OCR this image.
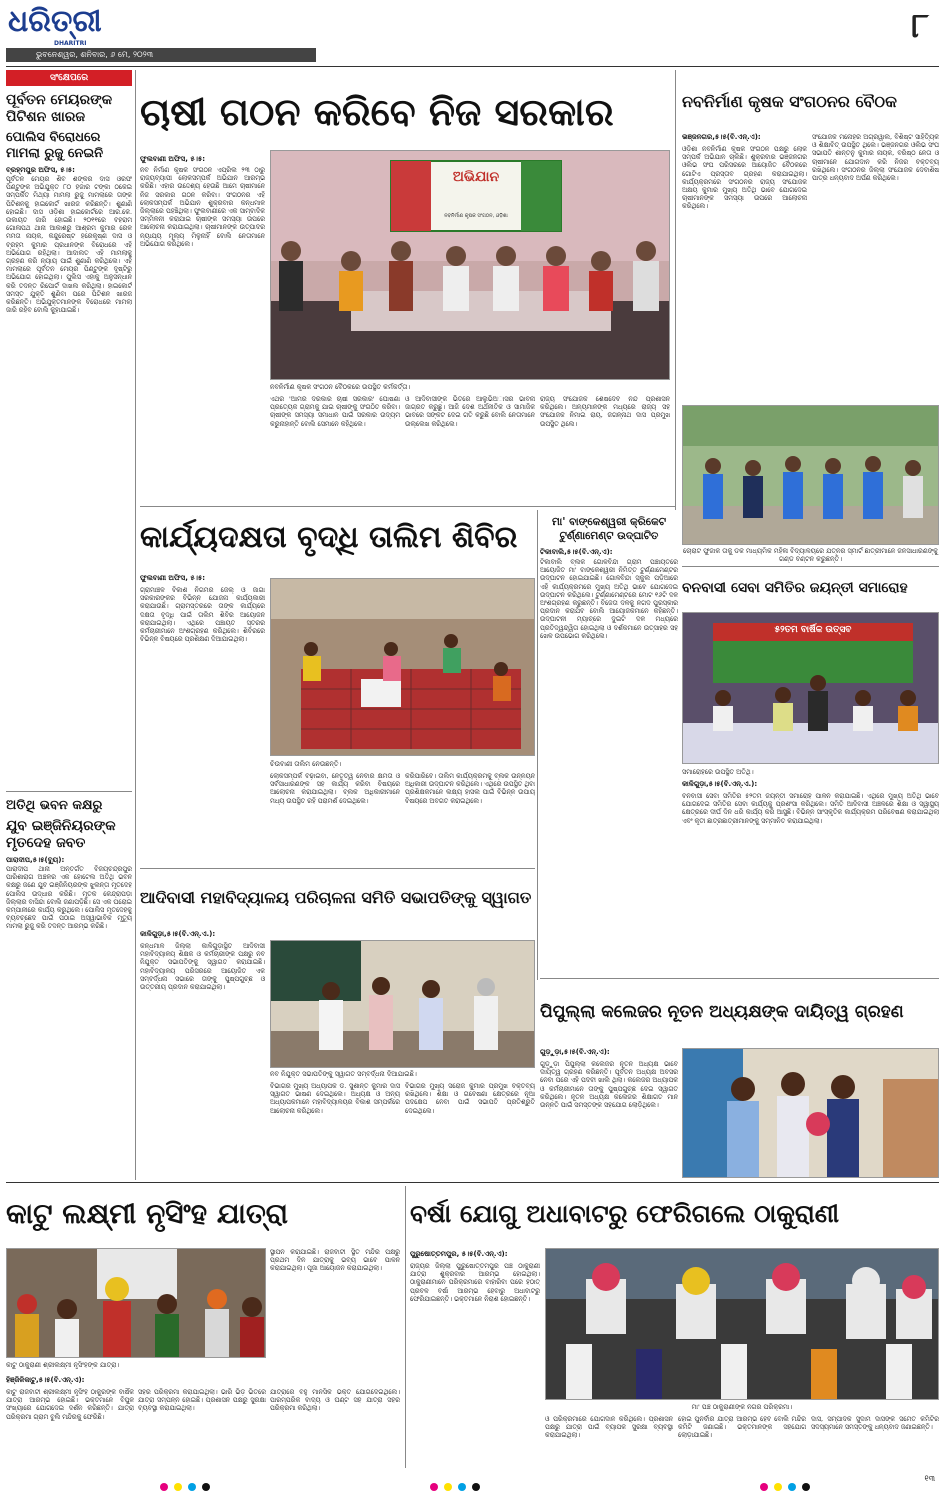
ଧରିତ୍ରୀ
DHARITRI
ଭୁବନେଶ୍ୱର, ଶନିବାର, ୬ ମେ, ୨୦୨୩
୮
ସଂକ୍ଷେପରେ
ପୂର୍ବତନ ମେୟରଙ୍କ ପିଟିଶନ ଖାରଜ
ପୋଲିସ ବିରୋଧରେ ମାମଲା ରୁଜୁ ନେଇନି
ବ୍ରହ୍ମପୁର ଅଫିସ, ୫।୫:
ପୂର୍ବତନ ମେୟର ଶିବ ଶଙ୍କର ଦାସ ଓରଫ ପିଣ୍ଟୁଙ୍କ ଅଭିଯୁକ୍ତ ୮୦ ହଜାର ଟଙ୍କା ଠକେଇ ସମ୍ପର୍କିତ ମିଥ୍ୟା ମାମଲା ରୁଜୁ ମାମଲାରେ ତାଙ୍କ ପିଟିଶନକୁ ହାଇକୋର୍ଟ ଖାରଜ କରିଛନ୍ତି। ଶୁଣାଣି ହୋଇଛି। ଦାସ ଓଡ଼ିଶା ହାଇକୋର୍ଟରେ ଆର.କେ. ଉକାୟତ ଜାରି ହୋଇଛି। ୨୦୧୧ରେ ବହରାମ ଗୋଳାପଥ ଥାନା ଆକାଶରୁ ଆଶ୍ରମ କୁମାର ରେଳ ମମତା ନାୟକ, କନ୍ଦୁରେଷ୍ଟ ହରେକୃଷ୍ଣ ଦାସ ଓ ବ୍ରହ୍ମ କୁମାର ପ୍ରଧାନଙ୍କ ବିରୋଧରେ ଏହି ଅଭିଯୋଗ ରହିଥିଲା। ଆଦାଲତ ଏହି ମାମଲାକୁ ଗ୍ରହଣ କରି ନ୍ୟାୟ ପାଇଁ ଶୁଣାଣି କରିଥିଲେ। ଏହି ମାମଲାରେ ପୂର୍ବତନ ମେୟର ପିଣ୍ଟୁଙ୍କ ଦୃଷ୍ଟିରୁ ଅଭିଯୋଗ ହୋଇଥିଲା। ପୁଲିସ ଏହାକୁ ଅନୁସନ୍ଧାନ କରି ତଦନ୍ତ ରିପୋର୍ଟ ଦାଖଲ କରିଥିଲା। ହାଇକୋର୍ଟ ସମସ୍ତ ଯୁକ୍ତି ଶୁଣିବା ପରେ ପିଟିଶନ ଖାରଜ କରିଛନ୍ତି। ଅଭିଯୁକ୍ତମାନଙ୍କ ବିରୋଧରେ ମାମଲା ଜାରି ରହିବ ବୋଲି କୁହାଯାଇଛି।
ଅତିଥି ଭବନ କକ୍ଷରୁ
ଯୁବ ଇଞ୍ଜିନିୟରଙ୍କ ମୃତଦେହ ଜବତ
ପାରାଦୀପ,୫।୫(ବ୍ୟୁ):
ପାରାଦୀପ ଥାନା ଅନ୍ତର୍ଗତ ବିଜୟଚନ୍ଦ୍ରପୁର ପାରିଶାରାଗ ଅଞ୍ଚଳର ଏକ ହୋଟେଲ ଅତିଥି ଭବନ କକ୍ଷରୁ ଜଣେ ଯୁବ ଇଞ୍ଜିନିୟରଙ୍କ ଝୁଲନ୍ତା ମୃତଦେହ ପୋଲିସ ଉଦ୍ଧାର କରିଛି। ମୃତକ କେନ୍ଦ୍ରାପଡ଼ା ଜିଲ୍ଲାର ବାସିନ୍ଦା ବୋଲି ଜଣାପଡ଼ିଛି। ସେ ଏକ ଘରୋଇ କମ୍ପାନୀରେ କାର୍ଯ୍ୟ କରୁଥିଲେ। ପୋଲିସ ମୃତଦେହକୁ ବ୍ୟବଚ୍ଛେଦ ପାଇଁ ପଠାଇ ଅସ୍ୱାଭାବିକ ମୃତ୍ୟୁ ମାମଲା ରୁଜୁ କରି ତଦନ୍ତ ଆରମ୍ଭ କରିଛି।
ଚାଷୀ ଗଠନ କରିବେ ନିଜ ସରକାର
ଫୁଲବାଣୀ ଅଫିସ, ୫।୫:
ନବ ନିର୍ମାଣ କୃଷକ ସଂଗଠନ ଏପ୍ରିଲ ୨୩ ଠାରୁ ରାଜ୍ୟବ୍ୟାପୀ ଲୋକସମ୍ପର୍କ ଅଭିଯାନ ଆରମ୍ଭ କରିଛି। ଏହାର ଉଦ୍ଦେଶ୍ୟ ହେଉଛି ଆମେ ଚାଷୀମାନେ ନିଜ ସରକାର ଗଠନ କରିବା। ସଂଗଠନର ଏହି ଲୋକସମ୍ପର୍କ ଅଭିଯାନ ଶୁକ୍ରବାର କନ୍ଧମାଳ ଜିଲ୍ଲାରେ ପହଞ୍ଚିଥିଲା। ଫୁଲବାଣୀରେ ଏକ ସାମ୍ବାଦିକ ସମ୍ମିଳନୀ କରାଯାଇ ଚାଷୀଙ୍କ ସମସ୍ୟା ଉପରେ ଆଲୋଚନା କରାଯାଇଥିଲା। ଚାଷୀମାନଙ୍କ ଉତ୍ପାଦର ନ୍ୟାଯ୍ୟ ମୂଲ୍ୟ ମିଳୁନାହିଁ ବୋଲି ନେତାମାନେ ଅଭିଯୋଗ କରିଥିଲେ।
ଅଭିଯାନ
ନବନିର୍ମାଣ କୃଷକ ସଂଗଠନ, ଓଡ଼ିଶା
ନବନିର୍ମାଣ କୃଷକ ସଂଗଠନ ବୈଠକରେ ଉପସ୍ଥିତ କର୍ମକର୍ତ୍ତା।
ଏଥର 'ଆମର ଦରକାର ଚାଷୀ ସରକାର' ଘୋଷଣା ପ୍ରତ୍ୟେକ ଗ୍ରାମକୁ ଯାଇ ଚାଷୀଙ୍କୁ ସଂଗଠିତ କରିବା। ଚାଷୀଙ୍କ ସମସ୍ୟା ସମାଧାନ ପାଇଁ ସରକାର ଉଦ୍ୟମ କରୁନାହାନ୍ତି ବୋଲି ସେମାନେ କହିଥିଲେ।
ଓ ଆଦିବାସୀଙ୍କ ଭିତରେ ଆଲୁଭିଅାସର ଭାବନା ଜାଗ୍ରତ କରୁଛୁ। ଆଜି ଦେଶ ଅର୍ଥନୀତିକ ଓ ସାମାଜିକ ଭାବରେ ସଙ୍କଟ ଦେଇ ଗତି କରୁଛି ବୋଲି ନେତାମାନେ ଉଲ୍ଲେଖ କରିଥିଲେ।
ରାଜ୍ୟ ସଂଯୋଜକ ଶେଷଦେବ ନନ୍ଦ ପ୍ରଶାସନ କରିଥିଲେ। ଅନ୍ୟମାନଙ୍କ ମଧ୍ୟରେ ରାଜ୍ୟ ସହ ସଂଯୋଜକ ନିମାଇ ରାୟ, ଜଗନ୍ନାଥ ଦାସ ପ୍ରମୁଖ ଉପସ୍ଥିତ ଥିଲେ।
ନବନିର୍ମାଣ କୃଷକ ସଂଗଠନର ବୈଠକ
ଭଞ୍ଜନଗର,୫।୫(ବି.ଏନ୍.ଏ):
ଓଡ଼ିଶା ନବନିର୍ମାଣ କୃଷକ ସଂଗଠନ ପକ୍ଷରୁ ଲୋକ ସମ୍ପର୍କ ଅଭିଯାନ ଚାଲିଛି। ଶୁକ୍ରବାର ଭଞ୍ଜନଗର ଓଲିଭ ସଂଘ ପରିସରରେ ଆୟୋଜିତ ବୈଠକରେ ଗୋଟିଏ ପ୍ରସ୍ତାବ ଗ୍ରହଣ କରାଯାଇଥିଲା। କାର୍ଯ୍ୟକ୍ରମରେ ସଂଗଠନର ରାଜ୍ୟ ସଂଯୋଜକ ଅକ୍ଷୟ କୁମାର ମୁଖ୍ୟ ଅତିଥି ଭାବେ ଯୋଗଦେଇ ଚାଷୀମାନଙ୍କ ସମସ୍ୟା ଉପରେ ଆଲୋଚନା କରିଥିଲେ।
ସଂଯୋଜକ ମନୋହର ଅଗ୍ରୱାଲ, ବିଶିଷ୍ଟ ସାହିତ୍ୟିକ ଓ ଶିକ୍ଷାବିତ୍ ଉପସ୍ଥିତ ଥିଲେ। ଭଞ୍ଜନଗର ଓଲିଭ ସଂଘ ସଭାପତି ଶାନ୍ତନୁ କୁମାର ନାୟକ, ବରିଷ୍ଠ ନେତା ଓ ଚାଷୀମାନେ ଯୋଗଦାନ କରି ନିଜର ବକ୍ତବ୍ୟ ରଖିଥିଲେ। ସଂଗଠନର ଜିଲ୍ଲା ସଂଯୋଜକ ଦେବାଶିଷ ପାତ୍ର ଧନ୍ୟବାଦ ଅର୍ପଣ କରିଥିଲେ।
ଚୋରାଟ ଫୁଜାକ ତାକୁ ଡକ ମାଧ୍ୟମିକ ମହିଳା ବିଦ୍ୟାଳୟରେ ଯତ୍ନର ସ୍ମାର୍ଟ ଛାତ୍ରୀମାନେ ଜନସାଧାରଣଙ୍କୁ ଗଣ୍ଡ ବଣ୍ଟନ କରୁଛନ୍ତି।
ମା' ବାଙ୍କେଶ୍ୱରୀ କ୍ରିକେଟ ଟୁର୍ଣ୍ଣାମେଣ୍ଟ ଉଦ୍‌ଘାଟିତ
ଟିକାବାଲି,୫।୫(ବି.ଏନ୍.ଏ):
ଟିକାବାଲି ବ୍ଲକ ଗୋଳବିନ୍ଦା ଗ୍ରାମ ପଞ୍ଚାୟତରେ ଆୟୋଜିତ ମା' ବାଙ୍କେଶ୍ୱରୀ ନିମିତ୍ତ ଟୁର୍ଣ୍ଣାମେଣ୍ଟର ଉଦ୍‌ଘାଟନ ହୋଇଯାଇଛି। ଗୋଳବିନ୍ଦା ସ୍କୁଲ ପଡ଼ିଆରେ ଏହି କାର୍ଯ୍ୟକ୍ରମରେ ମୁଖ୍ୟ ଅତିଥି ଭାବେ ଯୋଗଦେଇ ଉଦ୍‌ଘାଟନ କରିଥିଲେ। ଟୁର୍ଣ୍ଣାମେଣ୍ଟରେ ମୋଟ ୧୬ଟି ଦଳ ଅଂଶଗ୍ରହଣ କରୁଛନ୍ତି। ବିଜେତା ଦଳକୁ ନଗଦ ପୁରସ୍କାର ପ୍ରଦାନ କରାଯିବ ବୋଲି ଆୟୋଜକମାନେ କହିଛନ୍ତି। ଉଦ୍‌ଘାଟନୀ ମ୍ୟାଚ୍‌ରେ ଦୁଇଟି ଦଳ ମଧ୍ୟରେ ପ୍ରତିଦ୍ୱନ୍ଦ୍ୱିତା ହୋଇଥିଲା ଓ ଦର୍ଶକମାନେ ଉତ୍ସାହର ସହ ଖେଳ ଉପଭୋଗ କରିଥିଲେ।
କାର୍ଯ୍ୟଦକ୍ଷତା ବୃଦ୍ଧି ତାଲିମ ଶିବିର
ଫୁଲବାଣୀ ଅଫିସ, ୫।୫:
ଗ୍ରାମାଞ୍ଚଳ ବିକାଶ ନିଗମର ଜେଲ୍ ଓ ଜାଗା ସରକାରଙ୍କର ବିଭିନ୍ନ ଯୋଜନା କାର୍ଯ୍ୟକାରୀ କରାଯାଉଛି। ଗ୍ରାମସ୍ତରରେ ତାଙ୍କ କାର୍ଯ୍ୟରେ ଦକ୍ଷତା ବୃଦ୍ଧି ପାଇଁ ତାଲିମ ଶିବିର ଆୟୋଜନ କରାଯାଇଥିଲା। ଏଥିରେ ପଞ୍ଚାୟତ ସ୍ତରର କର୍ମଚାରୀମାନେ ଅଂଶଗ୍ରହଣ କରିଥିଲେ। ଶିବିରରେ ବିଭିନ୍ନ ବିଷୟରେ ପ୍ରଶିକ୍ଷଣ ଦିଆଯାଇଥିଲା।
ଚିଉବାଣୀ ତାଲିମ ନେଉଛନ୍ତି।
ଲୋକସମ୍ପର୍କ ବଢ଼ାଇବା, ନେତୃତ୍ୱ ନେବାର କ୍ଷମତା ଓ ସର୍ବସାଧାରଣଙ୍କ ସହ କାର୍ଯ୍ୟ କରିବା ବିଷୟରେ ଆଲୋଚନା କରାଯାଇଥିଲା। ବ୍ଲକ ଅଧିକାରୀମାନେ ମଧ୍ୟ ଉପସ୍ଥିତ ରହି ପରାମର୍ଶ ଦେଇଥିଲେ।
କରିପାରିବେ। ତାଲିମ କାର୍ଯ୍ୟକ୍ରମକୁ ବ୍ଲକ ଉନ୍ନୟନ ଅଧିକାରୀ ଉଦ୍‌ଘାଟନ କରିଥିଲେ। ଏଥିରେ ଉପସ୍ଥିତ ଥିବା ପ୍ରଶିକ୍ଷକମାନେ ଲକ୍ଷ୍ୟ ହାସଲ ପାଇଁ ବିଭିନ୍ନ ଉପାୟ ବିଷୟରେ ଅବଗତ କରାଇଥିଲେ।
ବନବାସୀ ସେବା ସମିତିର ଜୟନ୍ତୀ ସମାରୋହ
୫୨ତମ ବାର୍ଷିକ ଉତ୍ସବ
ସମାରୋହରେ ଉପସ୍ଥିତ ଅତିଥି।
କାଳିଗୁଡ଼ା,୫।୫(ବି.ଏନ୍.ଏ.):
ବନବାସୀ ସେବା ସମିତିର ୫୨ତମ ଜୟନ୍ତୀ ସମାରୋହ ପାଳନ କରାଯାଇଛି। ଏଥିରେ ମୁଖ୍ୟ ଅତିଥି ଭାବେ ଯୋଗଦେଇ ସମିତିର ସେବା କାର୍ଯ୍ୟକୁ ପ୍ରଶଂସା କରିଥିଲେ। ସମିତି ଆଦିବାସୀ ଅଞ୍ଚଳରେ ଶିକ୍ଷା ଓ ସ୍ୱାସ୍ଥ୍ୟ କ୍ଷେତ୍ରରେ ଦୀର୍ଘ ଦିନ ଧରି କାର୍ଯ୍ୟ କରି ଆସୁଛି। ବିଭିନ୍ନ ସାଂସ୍କୃତିକ କାର୍ଯ୍ୟକ୍ରମ ପରିବେଷଣ କରାଯାଇଥିଲା ଏବଂ କୃତୀ ଛାତ୍ରଛାତ୍ରୀମାନଙ୍କୁ ସମ୍ମାନିତ କରାଯାଇଥିଲା।
ଆଦିବାସୀ ମହାବିଦ୍ୟାଳୟ ପରିଚାଳନା ସମିତି ସଭାପତିଙ୍କୁ ସ୍ୱାଗତ
କାଳିଗୁଡ଼ା,୫।୫(ବି.ଏନ୍.ଏ.):
କନ୍ଧମାଳ ଜିଲ୍ଲା କାଳିଗୁଡ଼ାସ୍ଥିତ ଆଦିବାସୀ ମହାବିଦ୍ୟାଳୟ ଶିକ୍ଷକ ଓ କର୍ମଚାରୀଙ୍କ ପକ୍ଷରୁ ନବ ନିଯୁକ୍ତ ସଭାପତିଙ୍କୁ ସ୍ୱାଗତ କରାଯାଇଛି। ମହାବିଦ୍ୟାଳୟ ପରିସରରେ ଆୟୋଜିତ ଏକ ସମ୍ବର୍ଦ୍ଧନା ସଭାରେ ତାଙ୍କୁ ପୁଷ୍ପଗୁଚ୍ଛ ଓ ଉତ୍ତରୀୟ ପ୍ରଦାନ କରାଯାଇଥିଲା।
ନବ ନିଯୁକ୍ତ ସଭାପତିଙ୍କୁ ସ୍ୱାଗତ ସମ୍ବର୍ଦ୍ଧନା ଦିଆଯାଇଛି।
ବିଭାଗର ମୁଖ୍ୟ ଅଧ୍ୟାପକ ଡ. ସୁଶାନ୍ତ କୁମାର ଦାସ ସ୍ୱାଗତ ଭାଷଣ ଦେଇଥିଲେ। ଅଧ୍ୟକ୍ଷ ଓ ଅନ୍ୟ ଅଧ୍ୟାପକମାନେ ମହାବିଦ୍ୟାଳୟର ବିକାଶ ସମ୍ପର୍କରେ ଆଲୋଚନା କରିଥିଲେ।
ବିଭାଗର ମୁଖ୍ୟ ସରୋଜ କୁମାର ପ୍ରମୁଖ ବକ୍ତବ୍ୟ ରଖିଥିଲେ। ଶିକ୍ଷା ଓ ଗବେଷଣା କ୍ଷେତ୍ରରେ ନୂଆ ପଦକ୍ଷେପ ନେବା ପାଇଁ ସଭାପତି ପ୍ରତିଶ୍ରୁତି ଦେଇଥିଲେ।
ପିପୁଲ୍ଲା କଲେଜର ନୂତନ ଅଧ୍ୟକ୍ଷଙ୍କ ଦାୟିତ୍ୱ ଗ୍ରହଣ
ଗୁଡ଼ୁଡ଼ା,୫।୫(ବି.ଏନ୍.ଏ):
ଗୁଡ଼ୁଡ଼ା ପିପୁଲ୍ଲା କଲେଜର ନୂତନ ଅଧ୍ୟକ୍ଷ ଭାବେ ଦାୟିତ୍ୱ ଗ୍ରହଣ କରିଛନ୍ତି। ପୂର୍ବତନ ଅଧ୍ୟକ୍ଷ ଅବସର ନେବା ପରେ ଏହି ପଦବୀ ଖାଲି ଥିଲା। କଲେଜର ଅଧ୍ୟାପକ ଓ କର୍ମଚାରୀମାନେ ତାଙ୍କୁ ପୁଷ୍ପଗୁଚ୍ଛ ଦେଇ ସ୍ୱାଗତ କରିଥିଲେ। ନୂତନ ଅଧ୍ୟକ୍ଷ କଲେଜର ଶିକ୍ଷାଗତ ମାନ ଉନ୍ନତି ପାଇଁ ସମସ୍ତଙ୍କ ସହଯୋଗ ଲୋଡ଼ିଥିଲେ।
କାଟୁ ଲକ୍ଷ୍ମୀ ନୃସିଂହ ଯାତ୍ରା
କାଟୁ ଠାକୁରାଣୀ ଶ୍ରୀଲକ୍ଷ୍ମୀ ନୃସିଂହଙ୍କ ଯାତ୍ରା।
ହିଞ୍ଜିଳିକାଟୁ,୫।୫(ବି.ଏନ୍.ଏ):
କାଟୁ ରାଜବାଟୀ ଶ୍ରୀଲକ୍ଷ୍ମୀ ନୃସିଂହ ଠାକୁରଙ୍କ ବାର୍ଷିକ ଯାତ୍ରା ଆରମ୍ଭ ହୋଇଛି। ଭକ୍ତମାନେ ବିପୁଳ ସଂଖ୍ୟାରେ ଯୋଗଦେଇ ଦର୍ଶନ କରିଛନ୍ତି। ଯାତ୍ରା ପରିକ୍ରମା ଗ୍ରାମ ବୁଲି ମନ୍ଦିରକୁ ଫେରିଛି।
ସହର ପରିକ୍ରମା କରାଯାଇଥିଲା। ଭାରି ଭିଡ଼ ଭିତରେ ଯାତ୍ରା ସମ୍ପନ୍ନ ହୋଇଛି। ପ୍ରଶାସନ ପକ୍ଷରୁ ସୁରକ୍ଷା ବ୍ୟବସ୍ଥା କରାଯାଇଥିଲା।
ସ୍ଥାପନ କରାଯାଇଛି। ରାଜବାଟୀ ସ୍ଥିତ ମନ୍ଦିର ପକ୍ଷରୁ ପ୍ରଥମ ଦିନ ଯାତ୍ରାକୁ ଭବ୍ୟ ଭାବେ ପାଳନ କରାଯାଇଥିଲା। ପୂଜା ଆୟୋଜନ କରାଯାଇଥିଲା।
ଯାତ୍ରାରେ ବହୁ ମାନସିକ ଭକ୍ତ ଯୋଗଦେଇଥିଲେ। ପାରମ୍ପରିକ ବାଦ୍ୟ ଓ ଘଣ୍ଟ ସହ ଯାତ୍ରା ସହର ପରିକ୍ରମା କରିଥିଲା।
ବର୍ଷା ଯୋଗୁ ଅଧାବାଟରୁ ଫେରିଗଲେ ଠାକୁରାଣୀ
ପୁରୁଷୋତ୍ତମପୁର, ୫।୫(ବି.ଏନ୍.ଏ):
ରାଜ୍ୟର ଜିଲ୍ଲା ପୁରୁଷୋତ୍ତମପୁର ପଞ୍ଚ ଠାକୁରାଣୀ ଯାତ୍ରା ଶୁକ୍ରବାର ଆରମ୍ଭ ହୋଇଥିଲା। ଠାକୁରାଣୀମାନେ ପରିକ୍ରମାରେ ବାହାରିବା ପରେ ହଠାତ୍ ପ୍ରବଳ ବର୍ଷା ଆରମ୍ଭ ହେବାରୁ ଅଧାବାଟରୁ ଫେରିଯାଇଛନ୍ତି। ଭକ୍ତମାନେ ନିରାଶ ହୋଇଛନ୍ତି।
ମା' ପଞ୍ଚ ଠାକୁରାଣୀଙ୍କ ନଗର ପରିକ୍ରମା।
ଓ ପରିକ୍ରମାରେ ଯୋଗଦାନ କରିଥିଲେ। ପ୍ରଶାସନ ପକ୍ଷରୁ ଯାତ୍ରା ପାଇଁ ବ୍ୟାପକ ସୁରକ୍ଷା ବ୍ୟବସ୍ଥା କରାଯାଇଥିଲା।
ହୋଇ ପୁନର୍ବାର ଯାତ୍ରା ଆରମ୍ଭ ହେବ ବୋଲି ମନ୍ଦିର କମିଟି ଜଣାଇଛି। ଭକ୍ତମାନଙ୍କ ସହଯୋଗ ଲୋଡ଼ାଯାଇଛି।
ଦାସ, ସମ୍ପାଦକ ସୁଦାମ ଦାସଙ୍କ ସମେତ କମିଟିର ସଦସ୍ୟମାନେ ସମସ୍ତଙ୍କୁ ଧନ୍ୟବାଦ ଜଣାଇଛନ୍ତି।
୧୩
